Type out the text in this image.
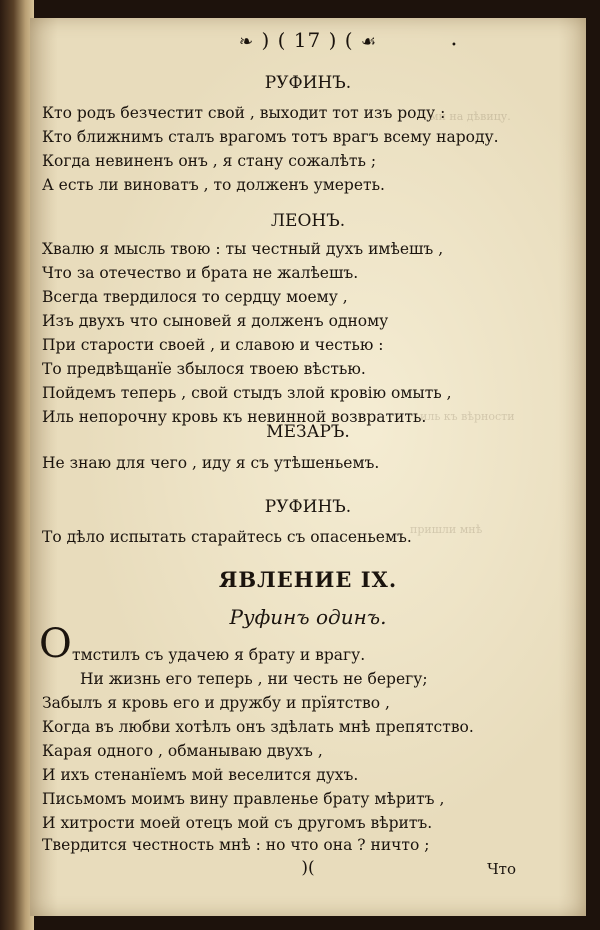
ми на дѣвицу.
иль къ вѣрности
пришли мнѣ
❧ ) ( 17 ) ( ☙	•
РУФИНЪ.
Кто родъ безчестит свой , выходит тот изъ роду :
Кто ближнимъ сталъ врагомъ тотъ врагъ всему народу.
Когда невиненъ онъ , я стану сожалѣть ;
А есть ли виноватъ , то долженъ умереть.
ЛЕОНЪ.
Хвалю я мысль твою : ты честный духъ имѣешъ ,
Что за отечество и брата не жалѣешъ.
Всегда твердилося то сердцу моему ,
Изъ двухъ что сыновей я долженъ одному
При старости своей , и славою и честью :
То предвѣщанїе збылося твоею вѣстью.
Пойдемъ теперь , свой стыдъ злой кровію омыть ,
Иль непорочну кровь къ невинной возвратить.
МЕЗАРЪ.
Не знаю для чего , иду я съ утѣшеньемъ.
РУФИНЪ.
То дѣло испытать старайтесь съ опасеньемъ.
ЯВЛЕНИЕ IX.
Руфинъ одинъ.
О тмстилъ съ удачею я брату и врагу.
Ни жизнь его теперь , ни честь не берегу;
Забылъ я кровь его и дружбу и прїятство ,
Когда въ любви хотѣлъ онъ здѣлать мнѣ препятство.
Карая одного , обманываю двухъ ,
И ихъ стенанїемъ мой веселится духъ.
Письмомъ моимъ вину правленье брату мѣритъ ,
И хитрости моей отецъ мой съ другомъ вѣритъ.
Твердится честность мнѣ : но что она ? ничто ;
)(	Что
